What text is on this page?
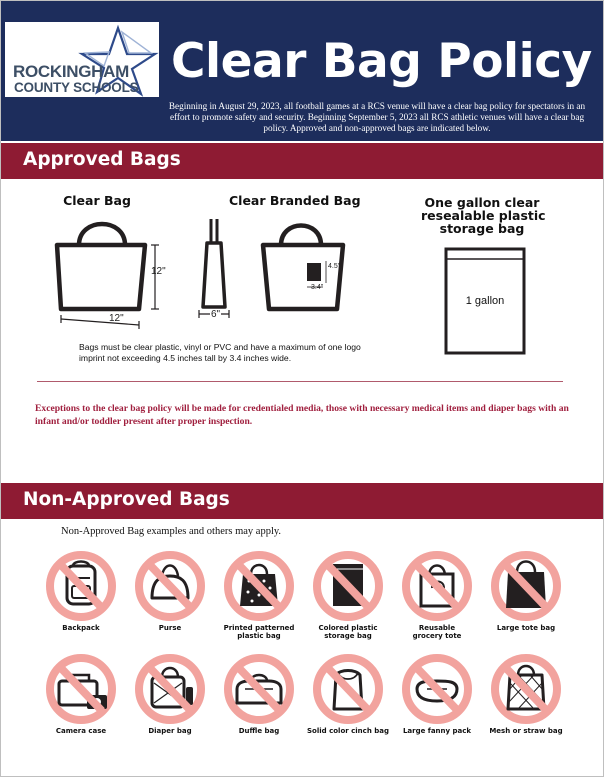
ROCKINGHAM
COUNTY SCHOOLS Clear Bag Policy
Beginning in August 29, 2023, all football games at a RCS venue will have a clear bag policy for spectators in an effort to promote safety and security. Beginning September 5, 2023 all RCS athletic venues will have a clear bag policy. Approved and non-approved bags are indicated below.
Approved Bags
Clear Bag	Clear Branded Bag	One gallon clear
resealable plastic
storage bag
12"
12"	6"
4.5"
3.4"
1 gallon
Bags must be clear plastic, vinyl or PVC and have a maximum of one logo imprint not exceeding 4.5 inches tall by 3.4 inches wide.
Exceptions to the clear bag policy will be made for credentialed media, those with necessary medical items and diaper bags with an infant and/or toddler present after proper inspection.
Non-Approved Bags
Non-Approved Bag examples and others may apply.
Backpack	Purse	Printed patterned
plastic bag
Colored plastic
storage bag
Reusable
grocery tote
Large tote bag
Camera case	Diaper bag	Duffle bag	Solid color cinch bag	Large fanny pack	Mesh or straw bag
